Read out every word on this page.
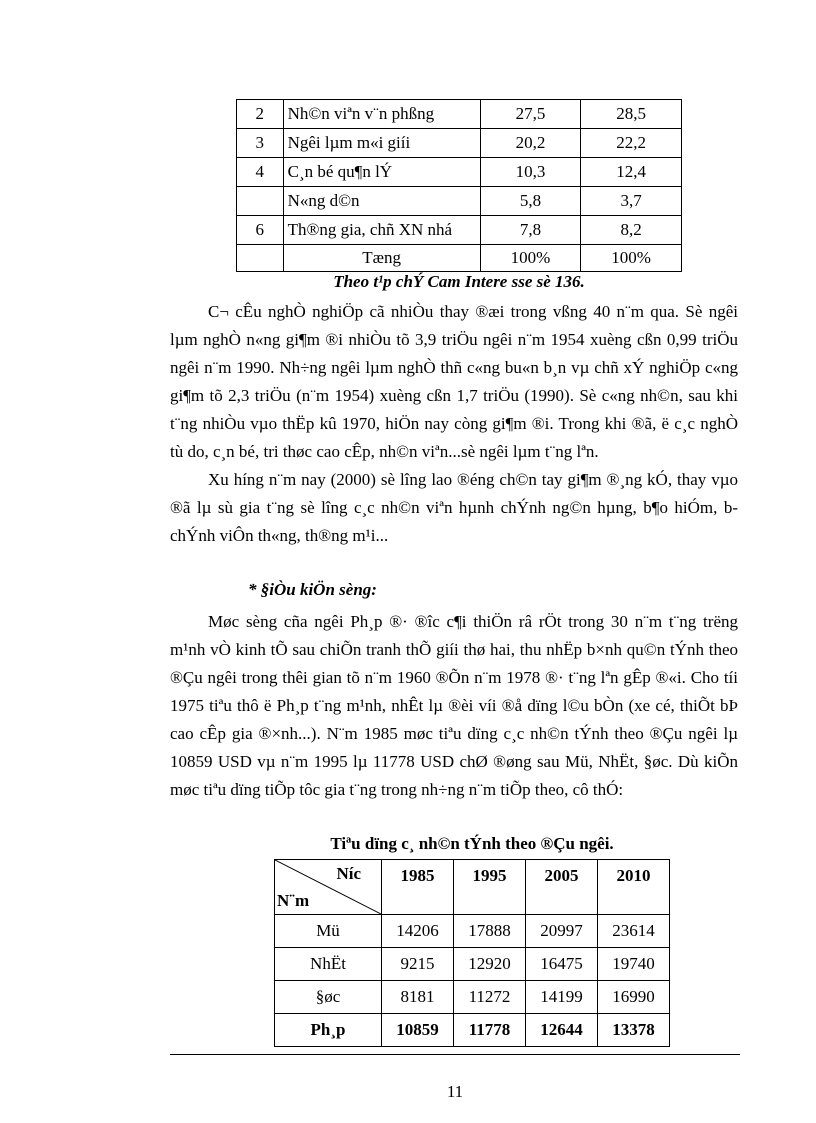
2	Nh©n viªn v¨n phßng	27,5	28,5
3	Ngêi lµm m«i giíi	20,2	22,2
4	C¸n bé qu¶n lÝ	10,3	12,4
	N«ng d©n	5,8	3,7
6	Th®ng gia, chñ XN nhá	7,8	8,2
	Tæng	100%	100%
Theo t¹p chÝ Cam Intere sse sè 136.

C¬ cÊu nghÒ nghiÖp cã nhiÒu thay ®æi trong vßng 40 n¨m qua. Sè ngêi lµm nghÒ n«ng gi¶m ®i nhiÒu tõ 3,9 triÖu ngêi n¨m 1954 xuèng cßn 0,99 triÖu ngêi n¨m 1990. Nh÷ng ngêi lµm nghÒ thñ c«ng bu«n b¸n vµ chñ xÝ nghiÖp c«ng gi¶m tõ 2,3 triÖu (n¨m 1954) xuèng cßn 1,7 triÖu (1990). Sè c«ng nh©n, sau khi t¨ng nhiÒu vµo thËp kû 1970, hiÖn nay còng gi¶m ®i. Trong khi ®ã, ë c¸c nghÒ tù do, c¸n bé, tri thøc cao cÊp, nh©n viªn...sè ngêi lµm t¨ng lªn.

Xu híng n¨m nay (2000) sè lîng lao ®éng ch©n tay gi¶m ®¸ng kÓ, thay vµo ®ã lµ sù gia t¨ng sè lîng c¸c nh©n viªn hµnh chÝnh ng©n hµng, b¶o hiÓm, b chÝnh viÔn th«ng, th®ng m¹i...

* §iÒu kiÖn sèng:

Møc sèng cña ngêi Ph¸p ®· ®îc c¶i thiÖn râ rÖt trong 30 n¨m t¨ng trëng m¹nh vÒ kinh tÕ sau chiÕn tranh thÕ giíi thø hai, thu nhËp b×nh qu©n tÝnh theo ®Çu ngêi trong thêi gian tõ n¨m 1960 ®Õn n¨m 1978 ®· t¨ng lªn gÊp ®«i. Cho tíi 1975 tiªu thô ë Ph¸p t¨ng m¹nh, nhÊt lµ ®èi víi ®å dïng l©u bÒn (xe cé, thiÕt bÞ cao cÊp gia ®×nh...). N¨m 1985 møc tiªu dïng c¸c nh©n tÝnh theo ®Çu ngêi lµ 10859 USD vµ n¨m 1995 lµ 11778 USD chØ ®øng sau Mü, NhËt, §øc. Dù kiÕn møc tiªu dïng tiÕp tôc gia t¨ng trong nh÷ng n¨m tiÕp theo, cô thÓ:

Tiªu dïng c¸ nh©n tÝnh theo ®Çu ngêi.
Níc
N¨m	1985	1995	2005	2010
Mü	14206	17888	20997	23614
NhËt	9215	12920	16475	19740
§øc	8181	11272	14199	16990
Ph¸p	10859	11778	12644	13378
11
